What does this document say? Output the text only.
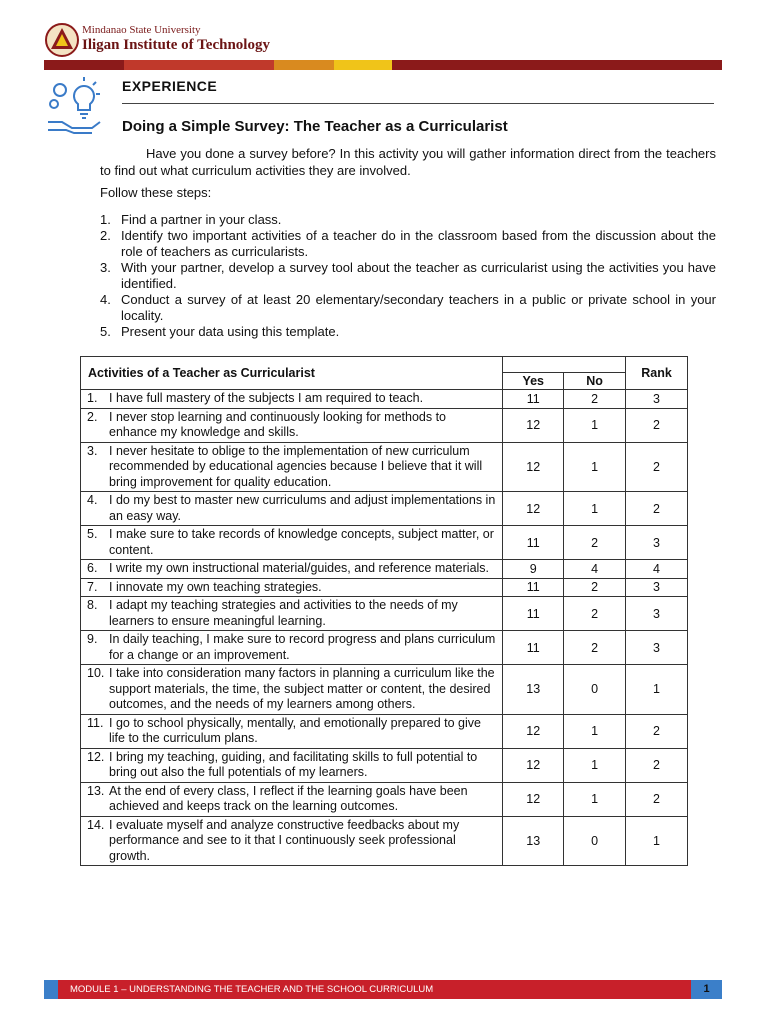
Mindanao State University
Iligan Institute of Technology
EXPERIENCE
Doing a Simple Survey: The Teacher as a Curricularist

Have you done a survey before? In this activity you will gather information direct from the teachers to find out what curriculum activities they are involved.

Follow these steps:
1. Find a partner in your class.
2. Identify two important activities of a teacher do in the classroom based from the discussion about the role of teachers as curricularists.
3. With your partner, develop a survey tool about the teacher as curricularist using the activities you have identified.
4. Conduct a survey of at least 20 elementary/secondary teachers in a public or private school in your locality.
5. Present your data using this template.
Activities of a Teacher as Curricularist			Rank
	Yes	No	

1. I have full mastery of the subjects I am required to teach.	11	2	3

2. I never stop learning and continuously looking for methods to enhance my knowledge and skills.	12	1	2

3. I never hesitate to oblige to the implementation of new curriculum recommended by educational agencies because I believe that it will bring improvement for quality education.	12	1	2

4. I do my best to master new curriculums and adjust implementations in an easy way.	12	1	2

5. I make sure to take records of knowledge concepts, subject matter, or content.	11	2	3

6. I write my own instructional material/guides, and reference materials.	9	4	4

7. I innovate my own teaching strategies.	11	2	3

8. I adapt my teaching strategies and activities to the needs of my learners to ensure meaningful learning.	11	2	3

9. In daily teaching, I make sure to record progress and plans curriculum for a change or an improvement.	11	2	3

10. I take into consideration many factors in planning a curriculum like the support materials, the time, the subject matter or content, the desired outcomes, and the needs of my learners among others.	13	0	1

11. I go to school physically, mentally, and emotionally prepared to give life to the curriculum plans.	12	1	2

12. I bring my teaching, guiding, and facilitating skills to full potential to bring out also the full potentials of my learners.	12	1	2

13. At the end of every class, I reflect if the learning goals have been achieved and keeps track on the learning outcomes.	12	1	2

14. I evaluate myself and analyze constructive feedbacks about my performance and see to it that I continuously seek professional growth.	13	0	1
MODULE 1 – UNDERSTANDING THE TEACHER AND THE SCHOOL CURRICULUM	1
